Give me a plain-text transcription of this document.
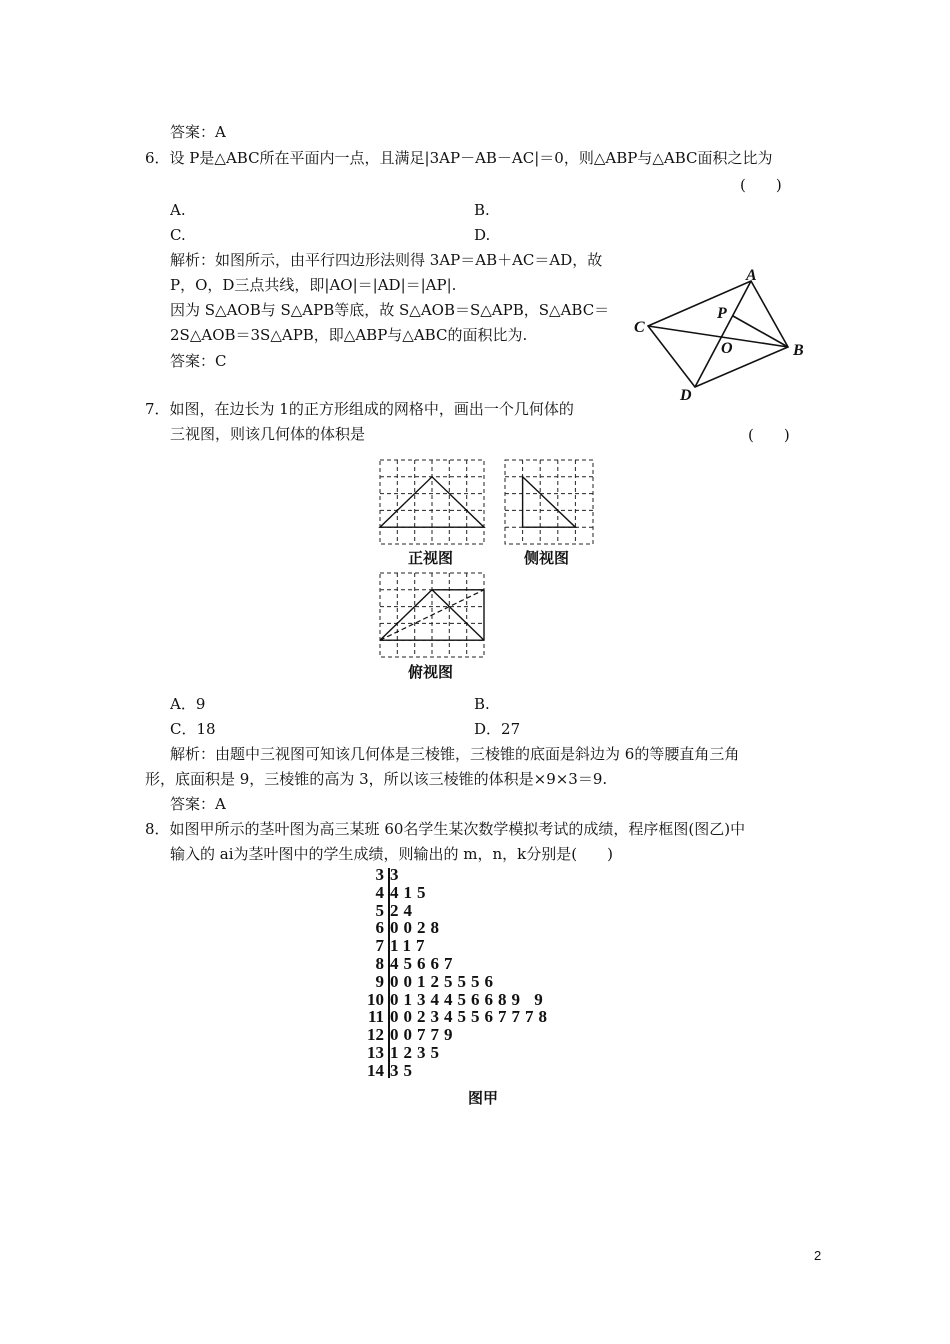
答案：A
6．设 P是△ABC所在平面内一点，且满足|3AP－AB－AC|＝0，则△ABP与△ABC面积之比为
(　　)
A.	B.
C.	D.
解析：如图所示，由平行四边形法则得 3AP＝AB＋AC＝AD，故
P，O，D三点共线，即|AO|＝|AD|＝|AP|.
因为 S△AOB与 S△APB等底，故 S△AOB＝S△APB，S△ABC＝
2S△AOB＝3S△APB，即△ABP与△ABC的面积比为.
答案：C
A
B
C
D
P
O
7．如图，在边长为 1的正方形组成的网格中，画出一个几何体的
三视图，则该几何体的体积是	(　　)
正视图	侧视图
俯视图
A．9	B.
C．18	D．27
解析：由题中三视图可知该几何体是三棱锥，三棱锥的底面是斜边为 6的等腰直角三角
形，底面积是 9，三棱锥的高为 3，所以该三棱锥的体积是×9×3＝9.
答案：A
8．如图甲所示的茎叶图为高三某班 60名学生某次数学模拟考试的成绩，程序框图(图乙)中
输入的 ai为茎叶图中的学生成绩，则输出的 m，n，k分别是(　　)
3 3
4 415
5 24
6 0028
7 117
8 45667
9 00125556
10 0134456689 9
11 002345567778
12 00779
13 1235
14 35
图甲
2
